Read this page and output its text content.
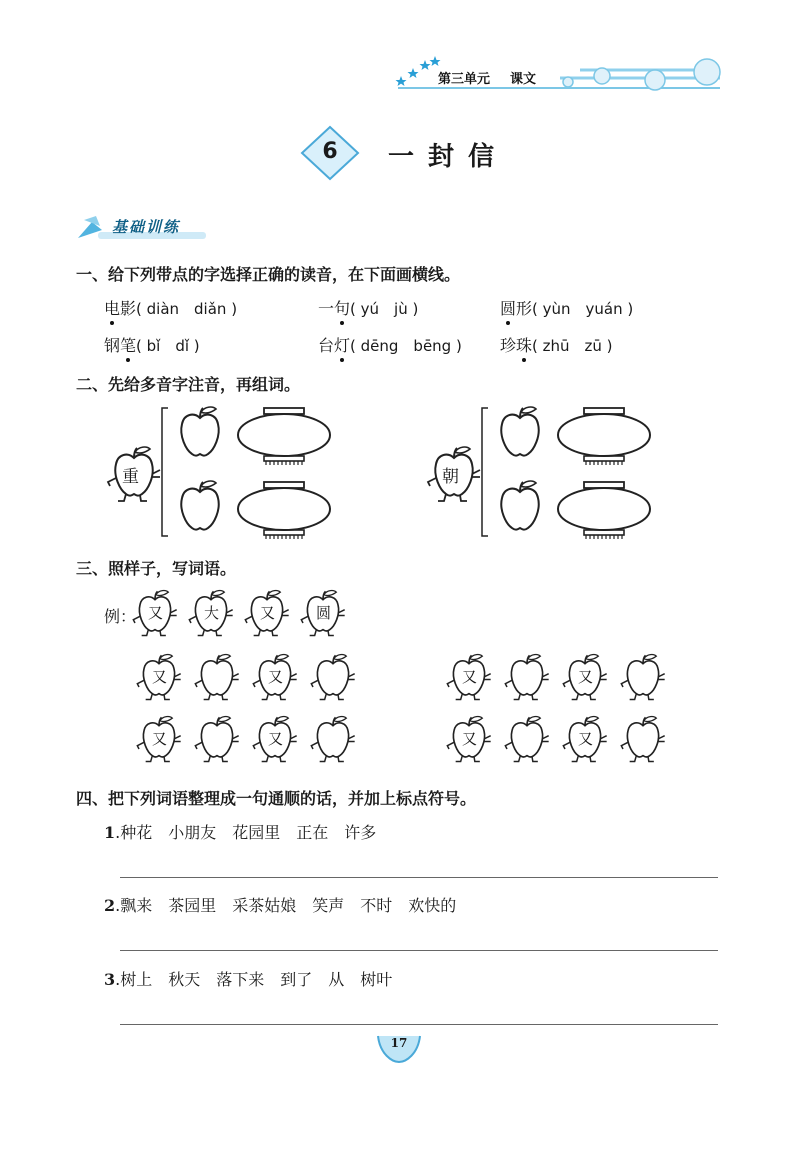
第三单元 课文
6	一封信
基础训练
一、给下列带点的字选择正确的读音，在下面画横线。
电影( diàn　diǎn )	一句( yú　jù )	圆形( yùn　yuán )
钢笔( bǐ　dǐ )	台灯( dēng　bēng ) 珍珠( zhū　zū )
二、先给多音字注音，再组词。
重	朝
三、照样子，写词语。
例： 又	大	又	圆
又	又
又	又
又	又
又	又
四、把下列词语整理成一句通顺的话，并加上标点符号。
1.种花　小朋友　花园里　正在　许多
2.飘来　茶园里　采茶姑娘　笑声　不时　欢快的
3.树上　秋天　落下来　到了　从　树叶
17
